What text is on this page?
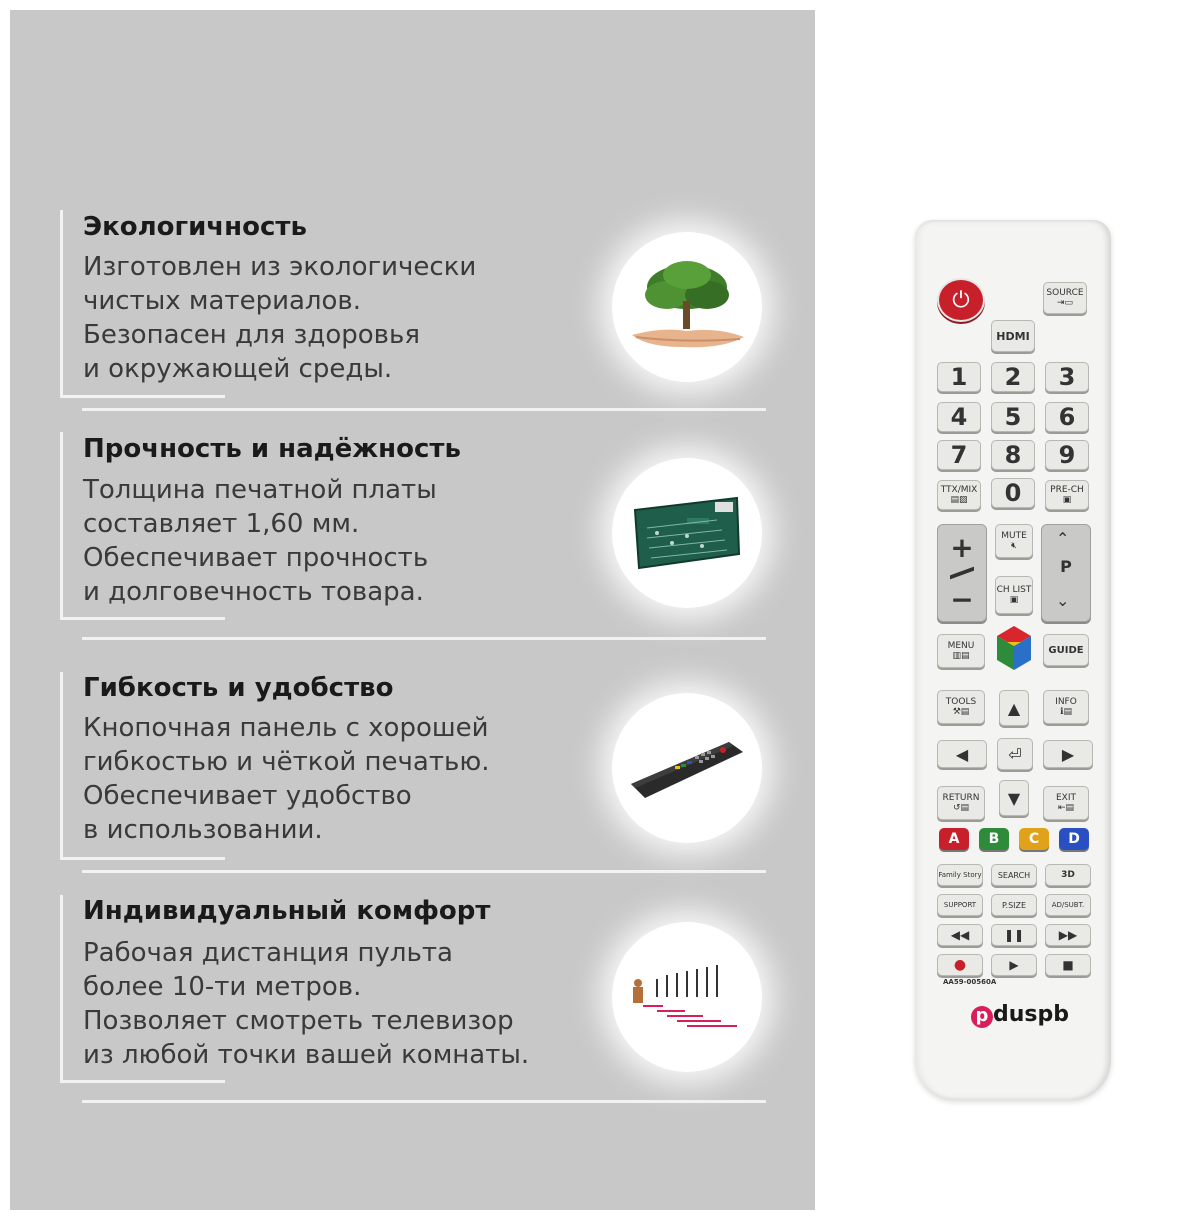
Экологичность
Изготовлен из экологически
чистых материалов.
Безопасен для здоровья
и окружающей среды.
Прочность и надёжность
Толщина печатной платы
составляет 1,60 мм.
Обеспечивает прочность
и долговечность товара.
Гибкость и удобство
Кнопочная панель с хорошей
гибкостью и чёткой печатью.
Обеспечивает удобство
в использовании.
Индивидуальный комфорт
Рабочая дистанция пульта
более 10-ти метров.
Позволяет смотреть телевизор
из любой точки вашей комнаты.
⏻	SOURCE
⇥▭
HDMI
1	2	3
4	5	6
7	8	9
TTX/MIX
▤▨	0	PRE-CH
▣
+
−
MUTE
🔇︎
CH LIST
▣
⌃
P
⌄
MENU
▥▤
GUIDE
TOOLS
⚒▤ ▲	INFO
ℹ▤
◀	⏎	▶
RETURN
↺▤
▼	EXIT
⇤▤
A	B	C	D
Family Story	SEARCH	3D
SUPPORT	P.SIZE	AD/SUBT.
◀◀	❚❚	▶▶
●	▶	■
AA59-00560A
p duspb
